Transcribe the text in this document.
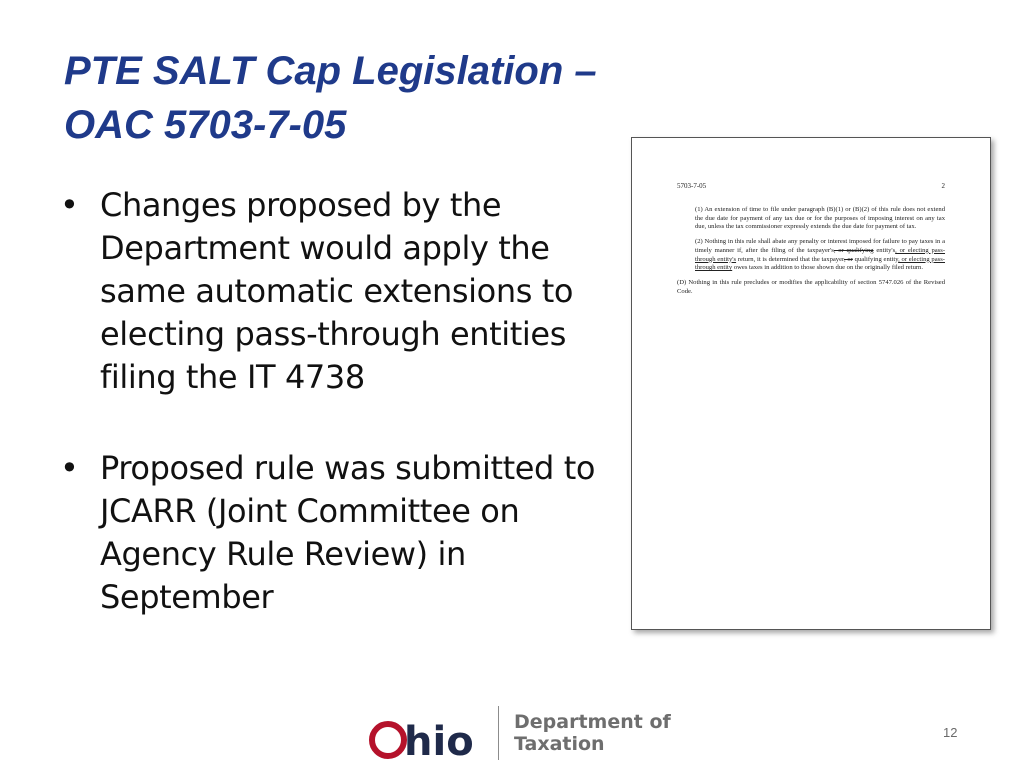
PTE SALT Cap Legislation –
OAC 5703-7-05
• Changes proposed by the Department would apply the same automatic extensions to electing pass-through entities filing the IT 4738
• Proposed rule was submitted to JCARR (Joint Committee on Agency Rule Review) in September
5703-7-05	2
(1) An extension of time to file under paragraph (B)(1) or (B)(2) of this rule does not extend the due date for payment of any tax due or for the purposes of imposing interest on any tax due, unless the tax commissioner expressly extends the due date for payment of tax.
(2) Nothing in this rule shall abate any penalty or interest imposed for failure to pay taxes in a timely manner if, after the filing of the taxpayer's, or qualifying entity's, or electing pass-through entity's return, it is determined that the taxpayer, or qualifying entity, or electing pass-through entity owes taxes in addition to those shown due on the originally filed return.
(D) Nothing in this rule precludes or modifies the applicability of section 5747.026 of the Revised Code.
hio Department of
Taxation
12
